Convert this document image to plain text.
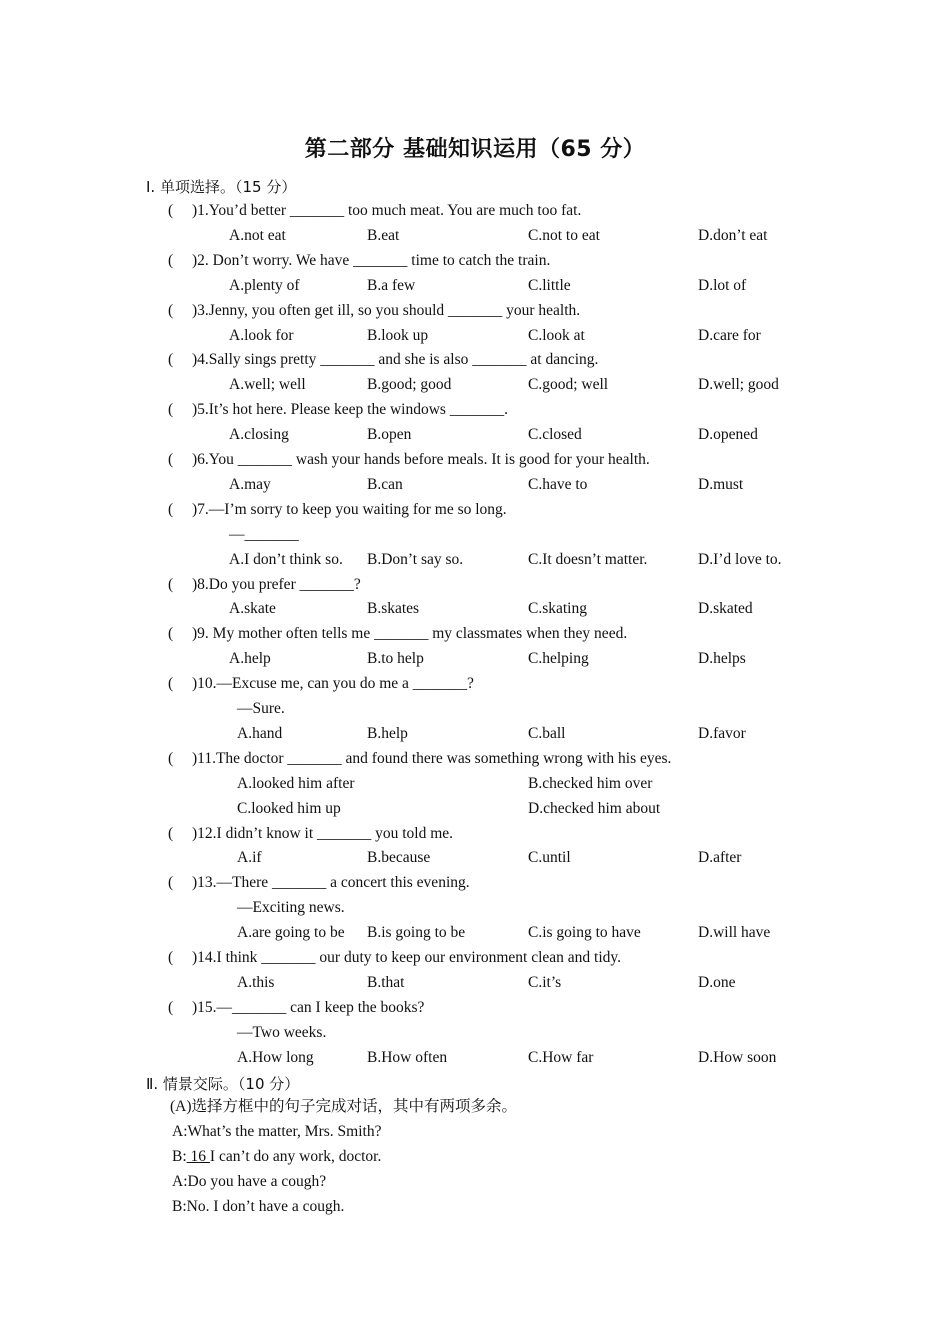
第二部分 基础知识运用（65 分）
Ⅰ. 单项选择。（15 分）
( )1.You’d better _______ too much meat. You are much too fat.
A.not eat	B.eat	C.not to eat	D.don’t eat
( )2. Don’t worry. We have _______ time to catch the train.
A.plenty of	B.a few	C.little	D.lot of
( )3.Jenny, you often get ill, so you should _______ your health.
A.look for	B.look up	C.look at	D.care for
( )4.Sally sings pretty _______ and she is also _______ at dancing.
A.well; well	B.good; good	C.good; well	D.well; good
( )5.It’s hot here. Please keep the windows _______.
A.closing	B.open	C.closed	D.opened
( )6.You _______ wash your hands before meals. It is good for your health.
A.may	B.can	C.have to	D.must
( )7.—I’m sorry to keep you waiting for me so long.
—_______
A.I don’t think so. B.Don’t say so.	C.It doesn’t matter.	D.I’d love to.
( )8.Do you prefer _______?
A.skate	B.skates	C.skating	D.skated
( )9. My mother often tells me _______ my classmates when they need.
A.help	B.to help	C.helping	D.helps
( )10.—Excuse me, can you do me a _______?
—Sure.
A.hand	B.help	C.ball	D.favor
( )11.The doctor _______ and found there was something wrong with his eyes.
A.looked him after	B.checked him over
C.looked him up	D.checked him about
( )12.I didn’t know it _______ you told me.
A.if	B.because	C.until	D.after
( )13.—There _______ a concert this evening.
—Exciting news.
A.are going to be B.is going to be	C.is going to have	D.will have
( )14.I think _______ our duty to keep our environment clean and tidy.
A.this	B.that	C.it’s	D.one
( )15.—_______ can I keep the books?
—Two weeks.
A.How long	B.How often	C.How far	D.How soon
Ⅱ. 情景交际。（10 分）
(A)选择方框中的句子完成对话，其中有两项多余。
A:What’s the matter, Mrs. Smith?
B: 16 I can’t do any work, doctor.
A:Do you have a cough?
B:No. I don’t have a cough.
